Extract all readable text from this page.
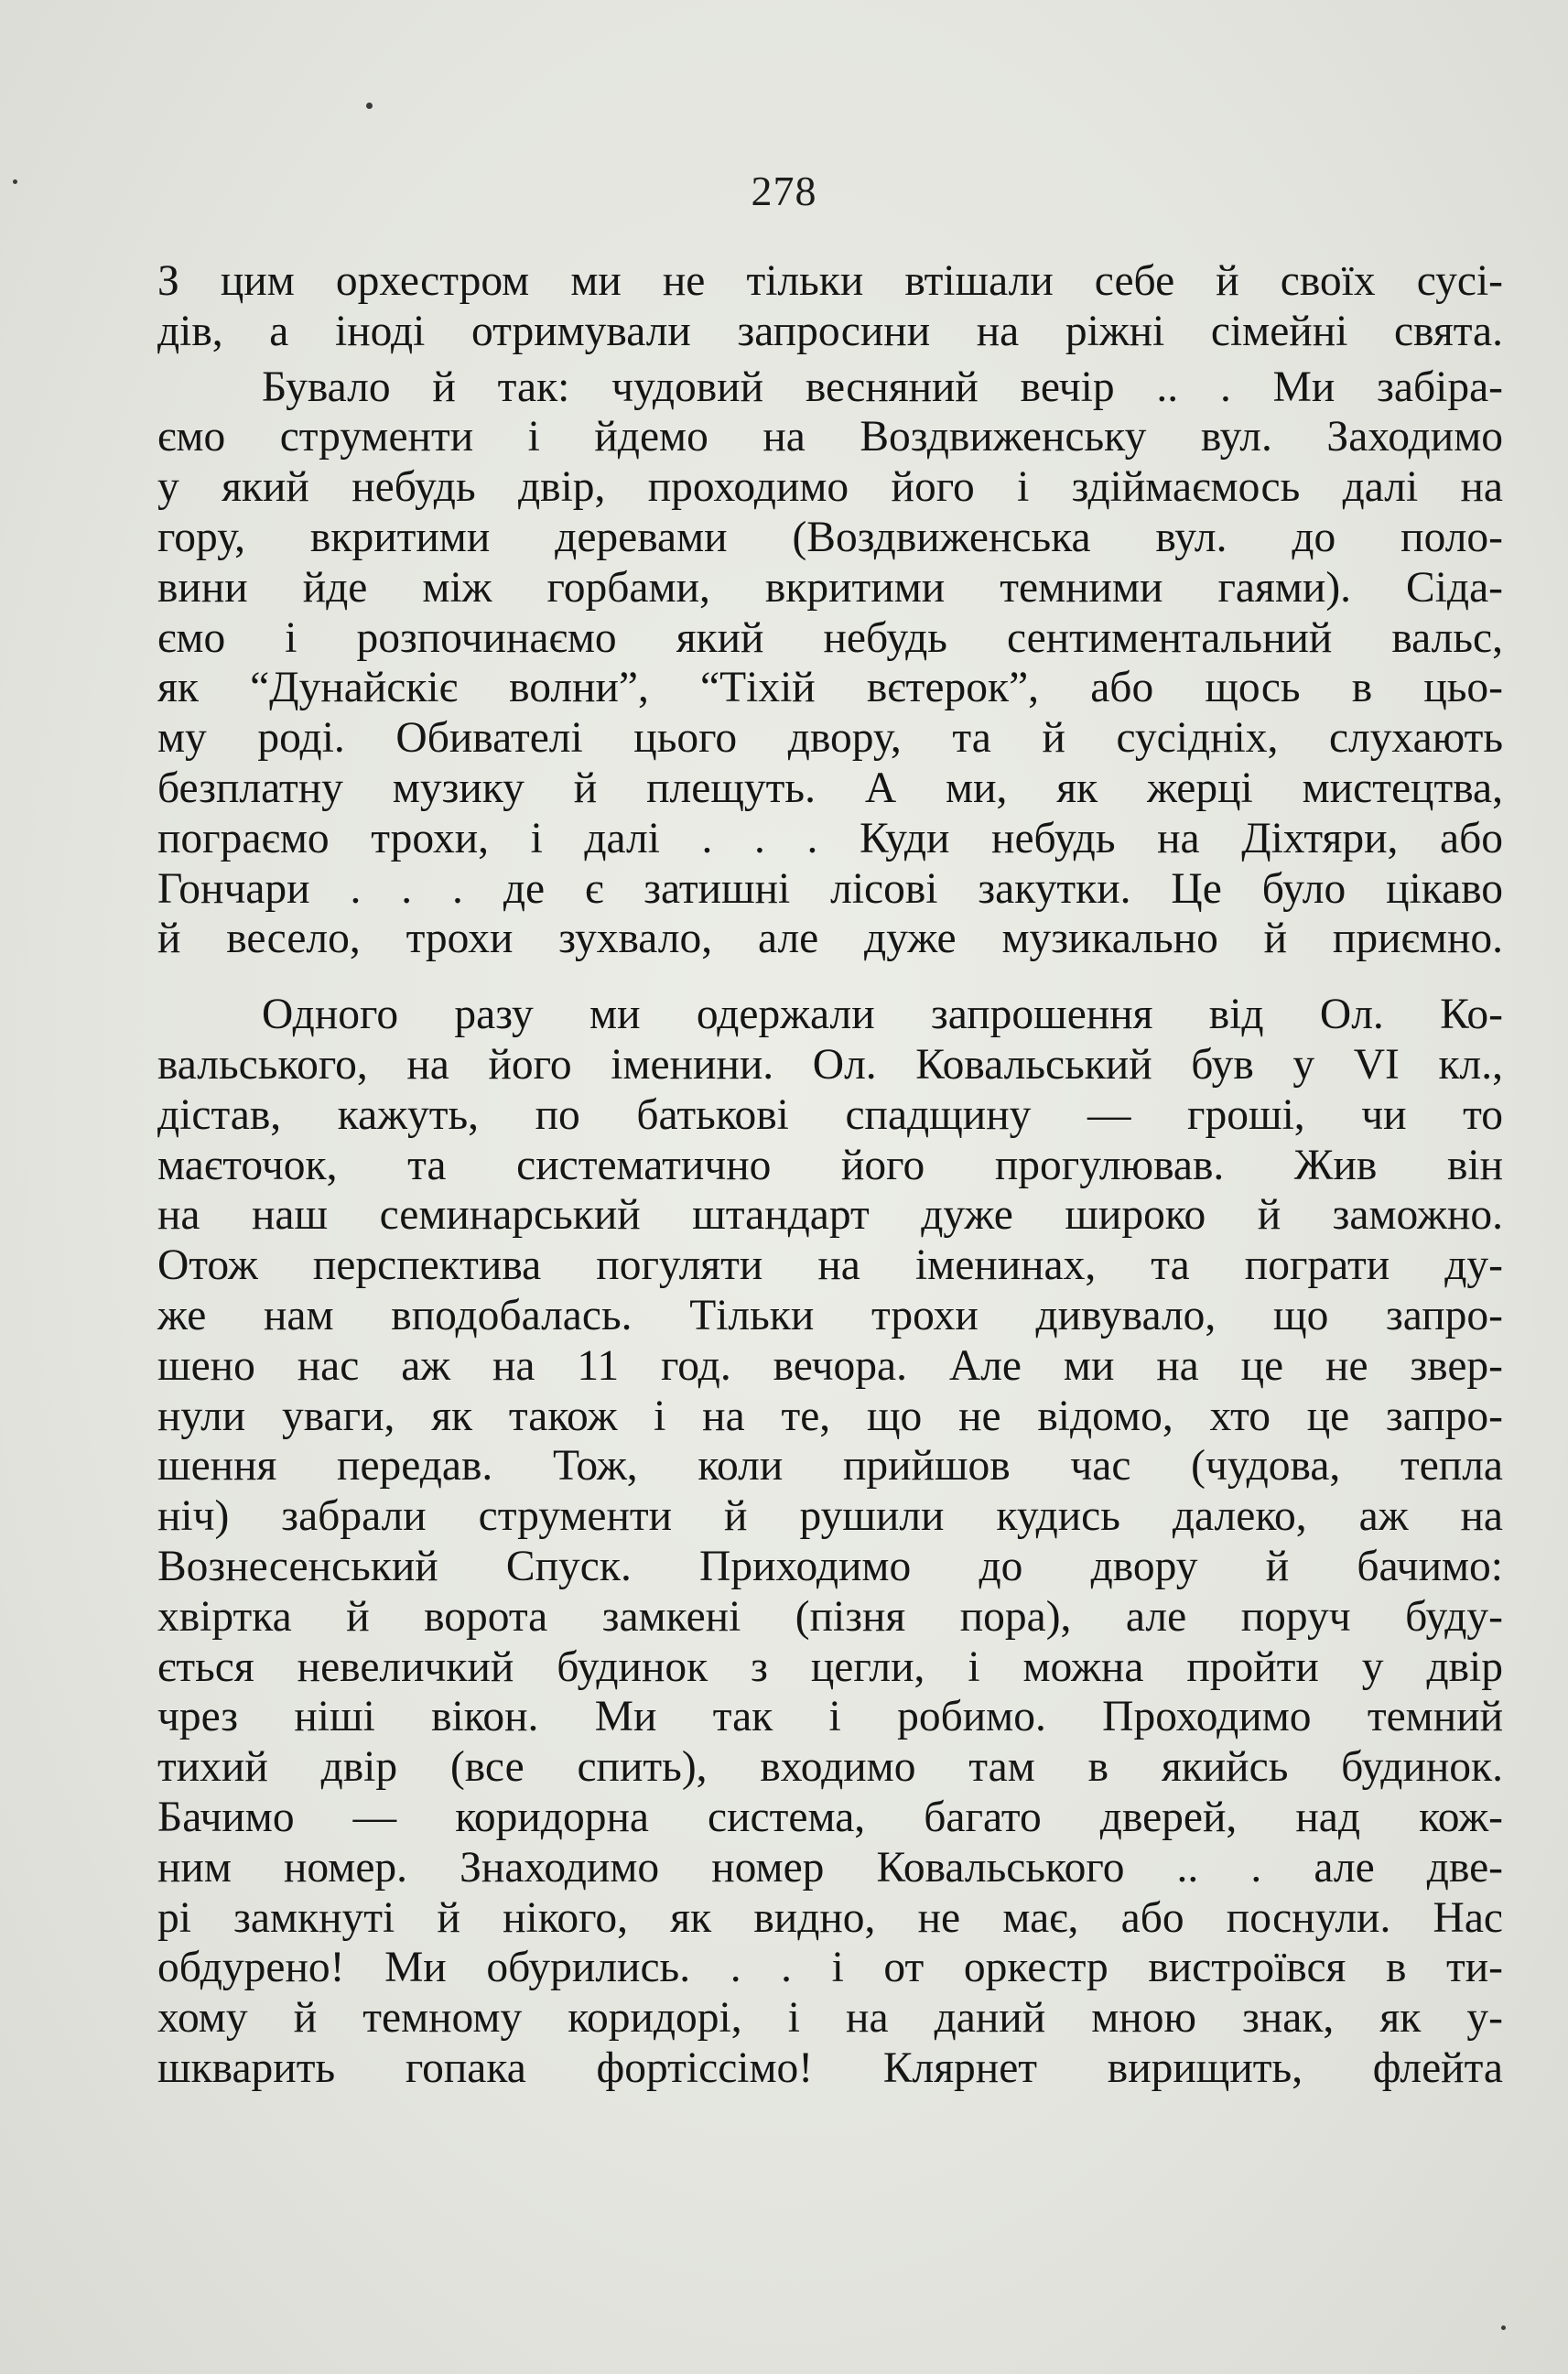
278
З цим орхестром ми не тільки втішали себе й своїх сусі-
дів, а іноді отримували запросини на ріжні сімейні свята.
Бувало й так: чудовий весняний вечір .. . Ми забіра-
ємо струменти і йдемо на Воздвиженську вул. Заходимо
у який небудь двір, проходимо його і здіймаємось далі на
гору, вкритими деревами (Воздвиженська вул. до поло-
вини йде між горбами, вкритими темними гаями). Сіда-
ємо і розпочинаємо який небудь сентиментальний вальс,
як “Дунайскіє волни”, “Тіхій вєтерок”, або щось в цьо-
му роді. Обивателі цього двору, та й сусідніх, слухають
безплатну музику й плещуть. А ми, як жерці мистецтва,
пограємо трохи, і далі . . . Куди небудь на Діхтяри, або
Гончари . . . де є затишні лісові закутки. Це було цікаво
й весело, трохи зухвало, але дуже музикально й приємно.
Одного разу ми одержали запрошення від Ол. Ко-
вальського, на його іменини. Ол. Ковальський був у VI кл.,
дістав, кажуть, по батькові спадщину — гроші, чи то
маєточок, та систематично його прогулював. Жив він
на наш семинарський штандарт дуже широко й заможно.
Отож перспектива погуляти на іменинах, та пограти ду-
же нам вподобалась. Тільки трохи дивувало, що запро-
шено нас аж на 11 год. вечора. Але ми на це не звер-
нули уваги, як також і на те, що не відомо, хто це запро-
шення передав. Тож, коли прийшов час (чудова, тепла
ніч) забрали струменти й рушили кудись далеко, аж на
Вознесенський Спуск. Приходимо до двору й бачимо:
хвіртка й ворота замкені (пізня пора), але поруч буду-
ється невеличкий будинок з цегли, і можна пройти у двір
чрез ніші вікон. Ми так і робимо. Проходимо темний
тихий двір (все спить), входимо там в якийсь будинок.
Бачимо — коридорна система, багато дверей, над кож-
ним номер. Знаходимо номер Ковальського .. . але две-
рі замкнуті й нікого, як видно, не має, або поснули. Нас
обдурено! Ми обурились. . . і от оркестр вистроївся в ти-
хому й темному коридорі, і на даний мною знак, як у-
шкварить гопака фортіссімо! Клярнет вирищить, флейта
